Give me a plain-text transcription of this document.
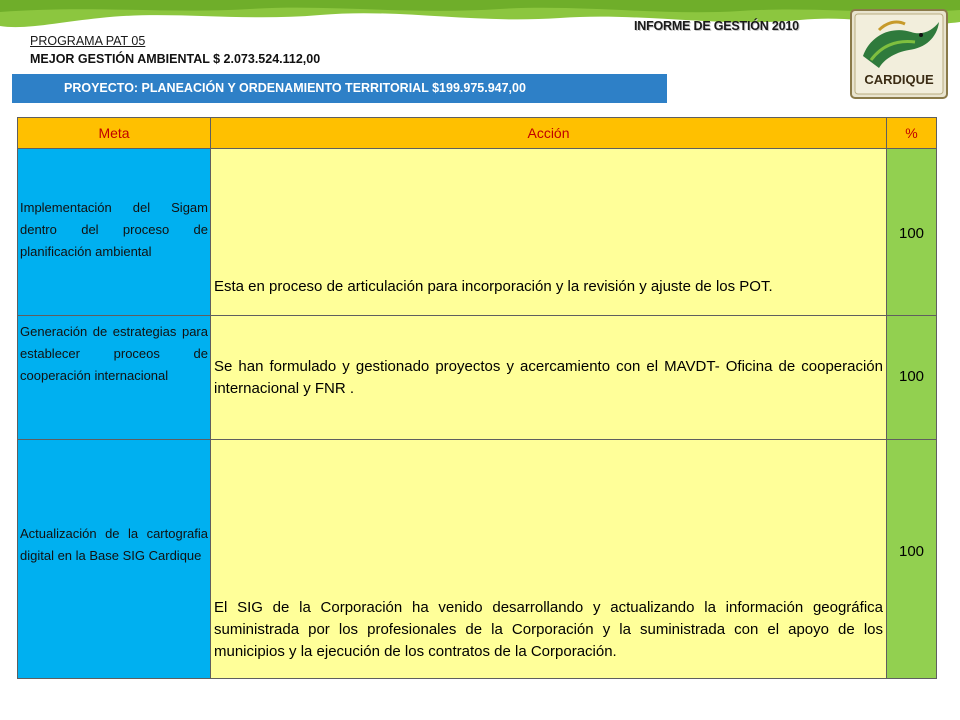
INFORME DE GESTIÓN 2010
PROGRAMA PAT 05
MEJOR GESTIÓN AMBIENTAL $ 2.073.524.112,00
PROYECTO: PLANEACIÓN Y ORDENAMIENTO TERRITORIAL $199.975.947,00
CARDIQUE
Meta	Acción	%
Implementación del Sigam dentro del proceso de planificación ambiental	Esta en proceso de articulación para incorporación y la revisión y ajuste de los POT.	100
Generación de estrategias para establecer proceos de cooperación internacional	Se han formulado y gestionado proyectos y acercamiento con el MAVDT- Oficina de cooperación internacional y FNR .	100
Actualización de la cartografia digital en la Base SIG Cardique	El SIG de la Corporación ha venido desarrollando y actualizando la información geográfica suministrada por los profesionales de la Corporación y la suministrada con el apoyo de los municipios y la ejecución de los contratos de la Corporación.	100
